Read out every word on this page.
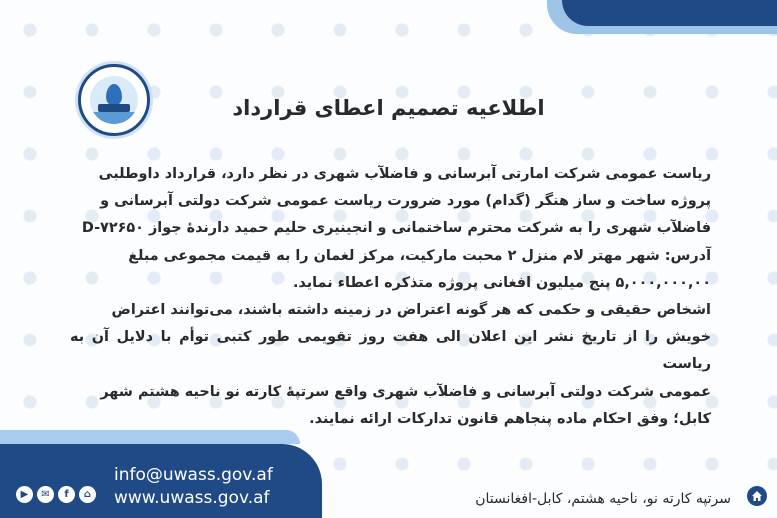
اطلاعیه تصمیم اعطای قرارداد

ریاست عمومی شرکت امارتی آبرسانی و فاضلآب شهری در نظر دارد، قرارداد داوطلبی

پروژه ساخت و ساز هنگر (گدام) مورد ضرورت ریاست عمومی شرکت دولتی آبرسانی و

فاضلآب شهری را به شرکت محترم ساختمانی و انجینیری حلیم حمید دارندهٔ جواز D-۷۲۶۵۰

آدرس: شهر مهتر لام منزل ۲ محبت مارکیت، مرکز لغمان را به قیمت مجموعی مبلغ

۵,۰۰۰,۰۰۰,۰۰ پنج میلیون افغانی پروژه متذکره اعطاء نماید.

اشخاص حقیقی و حکمی که هر گونه اعتراض در زمینه داشته باشند، می‌توانند اعتراض

خویش را از تاریخ نشر این اعلان الی هفت روز تقویمی طور کتبی توأم با دلایل آن به ریاست

عمومی شرکت دولتی آبرسانی و فاضلآب شهری واقع سرتپهٔ کارته نو ناحیه هشتم شهر

کابل؛ وفق احکام ماده پنجاهم قانون تدارکات ارائه نمایند.

▶	✉	f	⌂
info@uwass.gov.af
www.uwass.gov.af	سرتپه کارته نو، ناحیه هشتم، کابل-افغانستان
